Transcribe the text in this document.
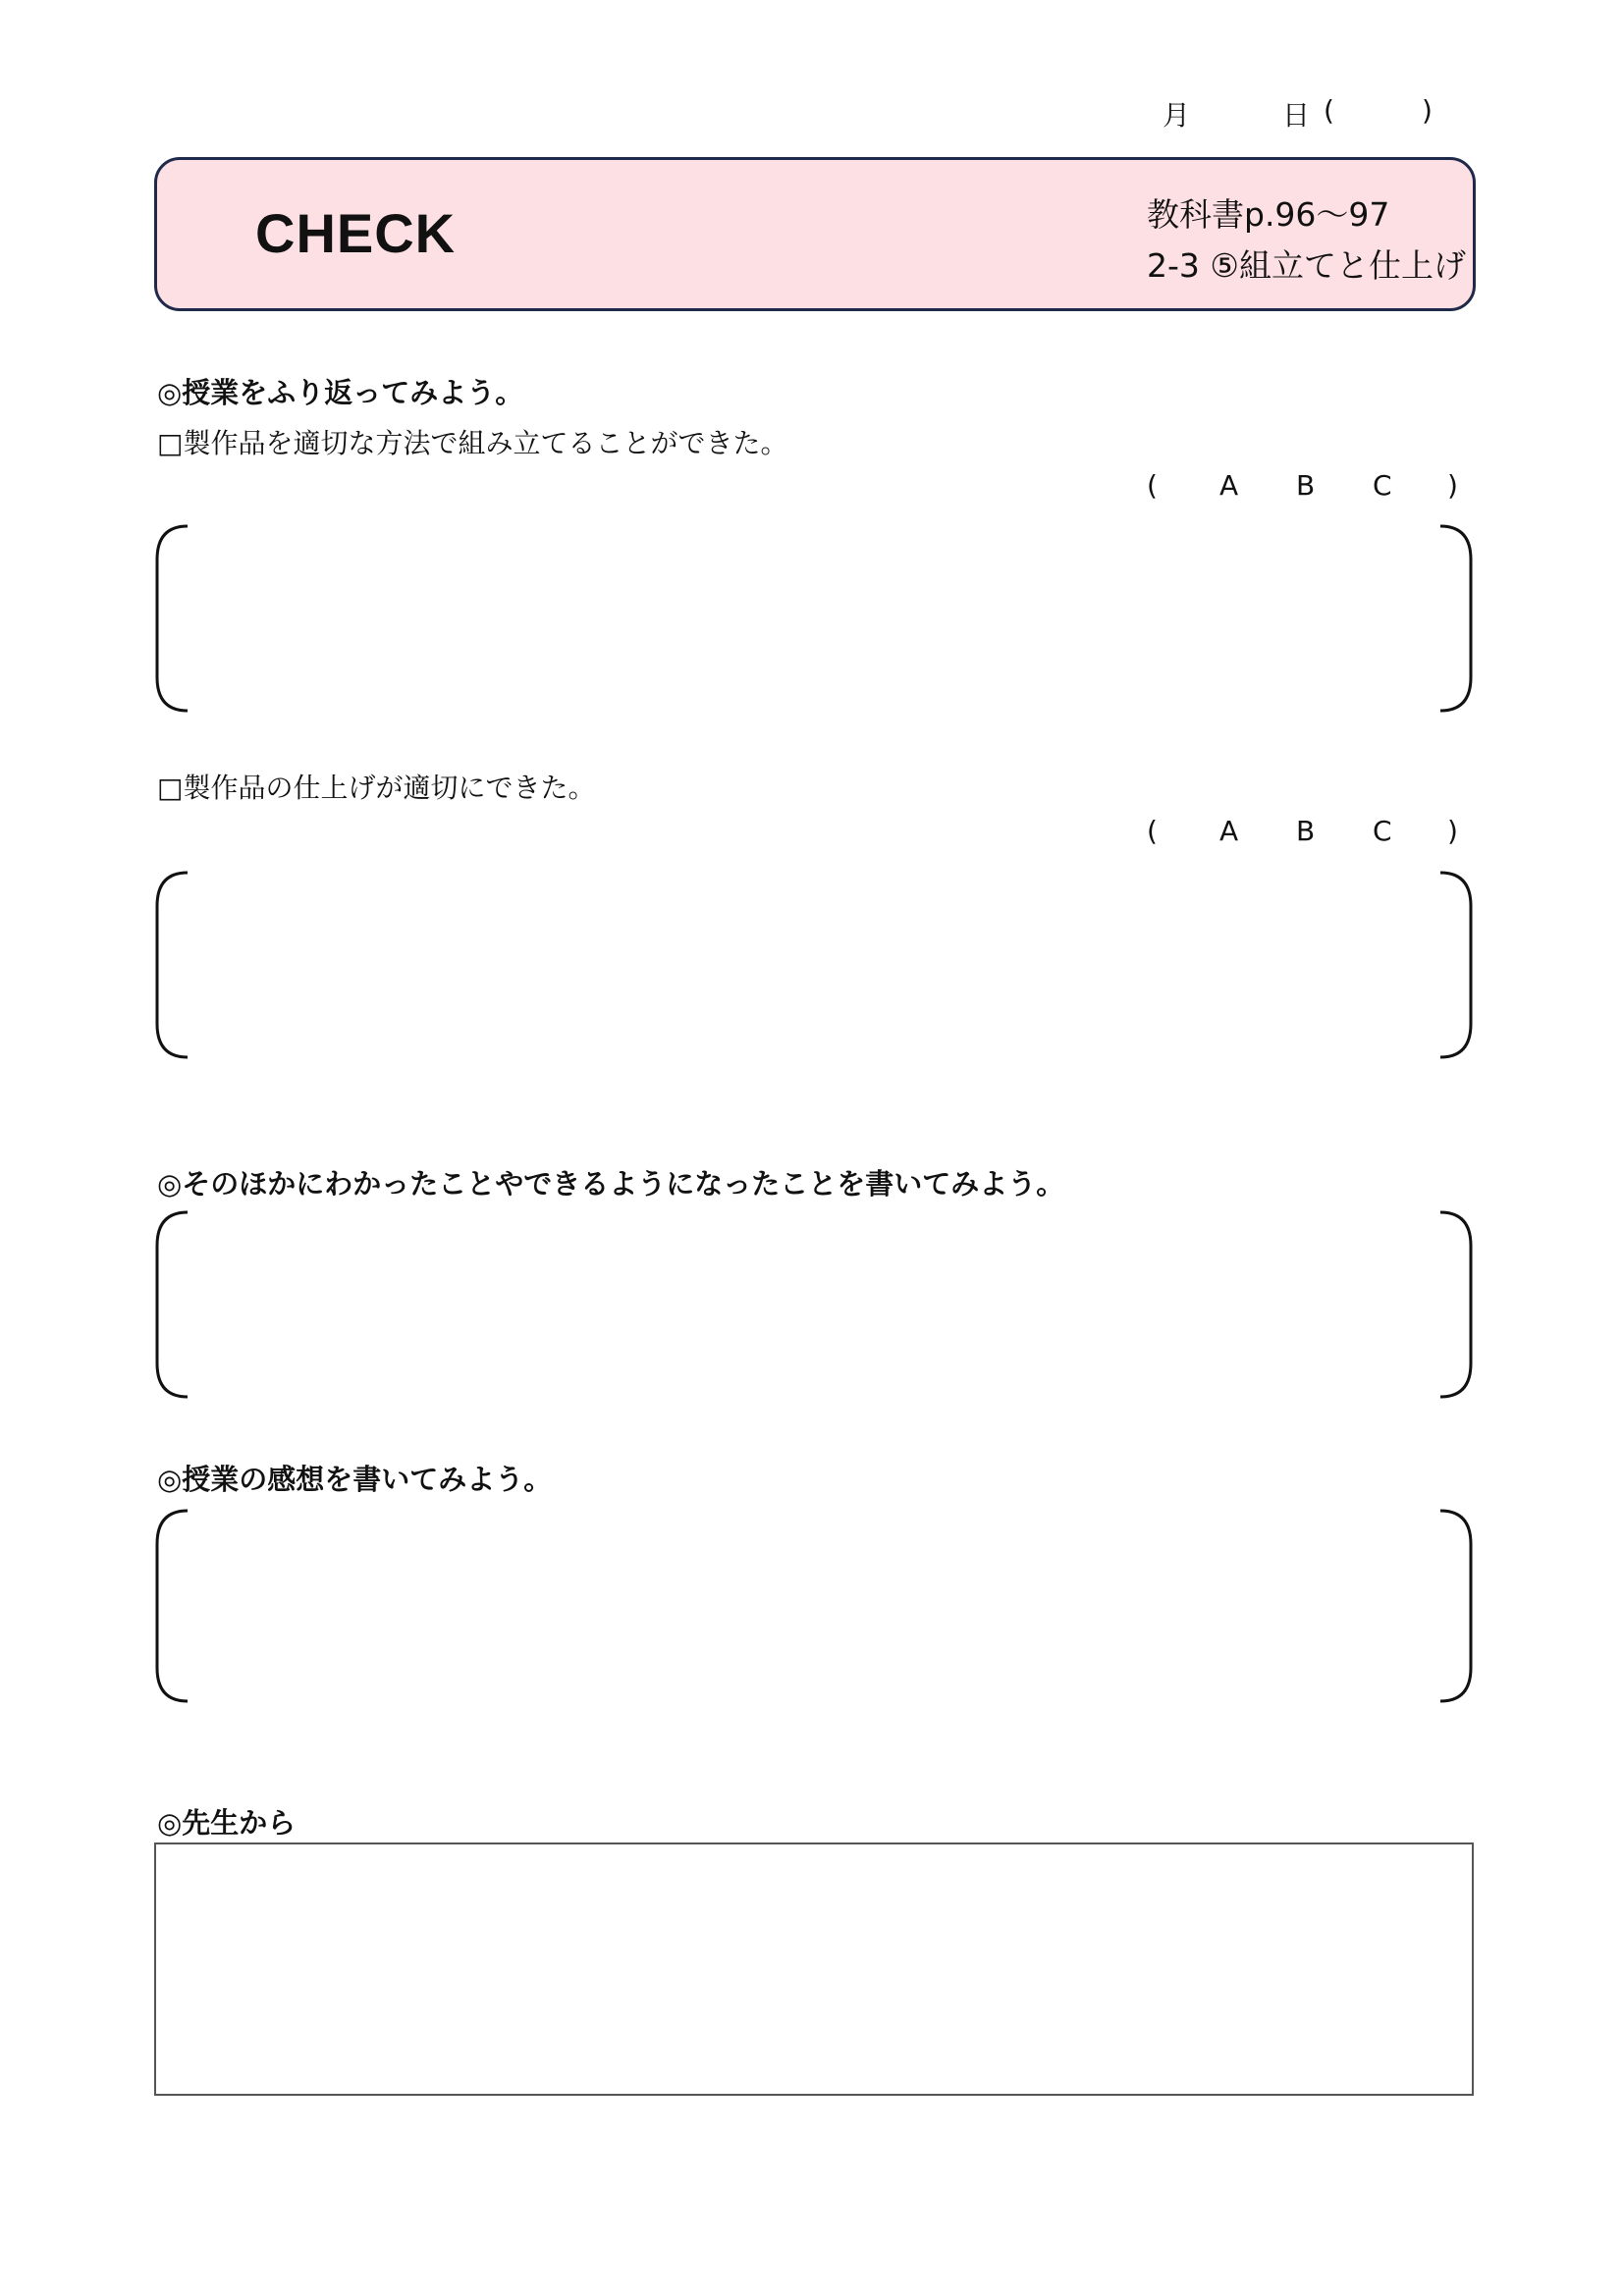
月	日 (	)
CHECK	教科書p.96～97
2-3 ⑤組立てと仕上げ
◎授業をふり返ってみよう。
□製作品を適切な方法で組み立てることができた。
( A B C )
□製作品の仕上げが適切にできた。
( A B C )
◎そのほかにわかったことやできるようになったことを書いてみよう。
◎授業の感想を書いてみよう。
◎先生から
